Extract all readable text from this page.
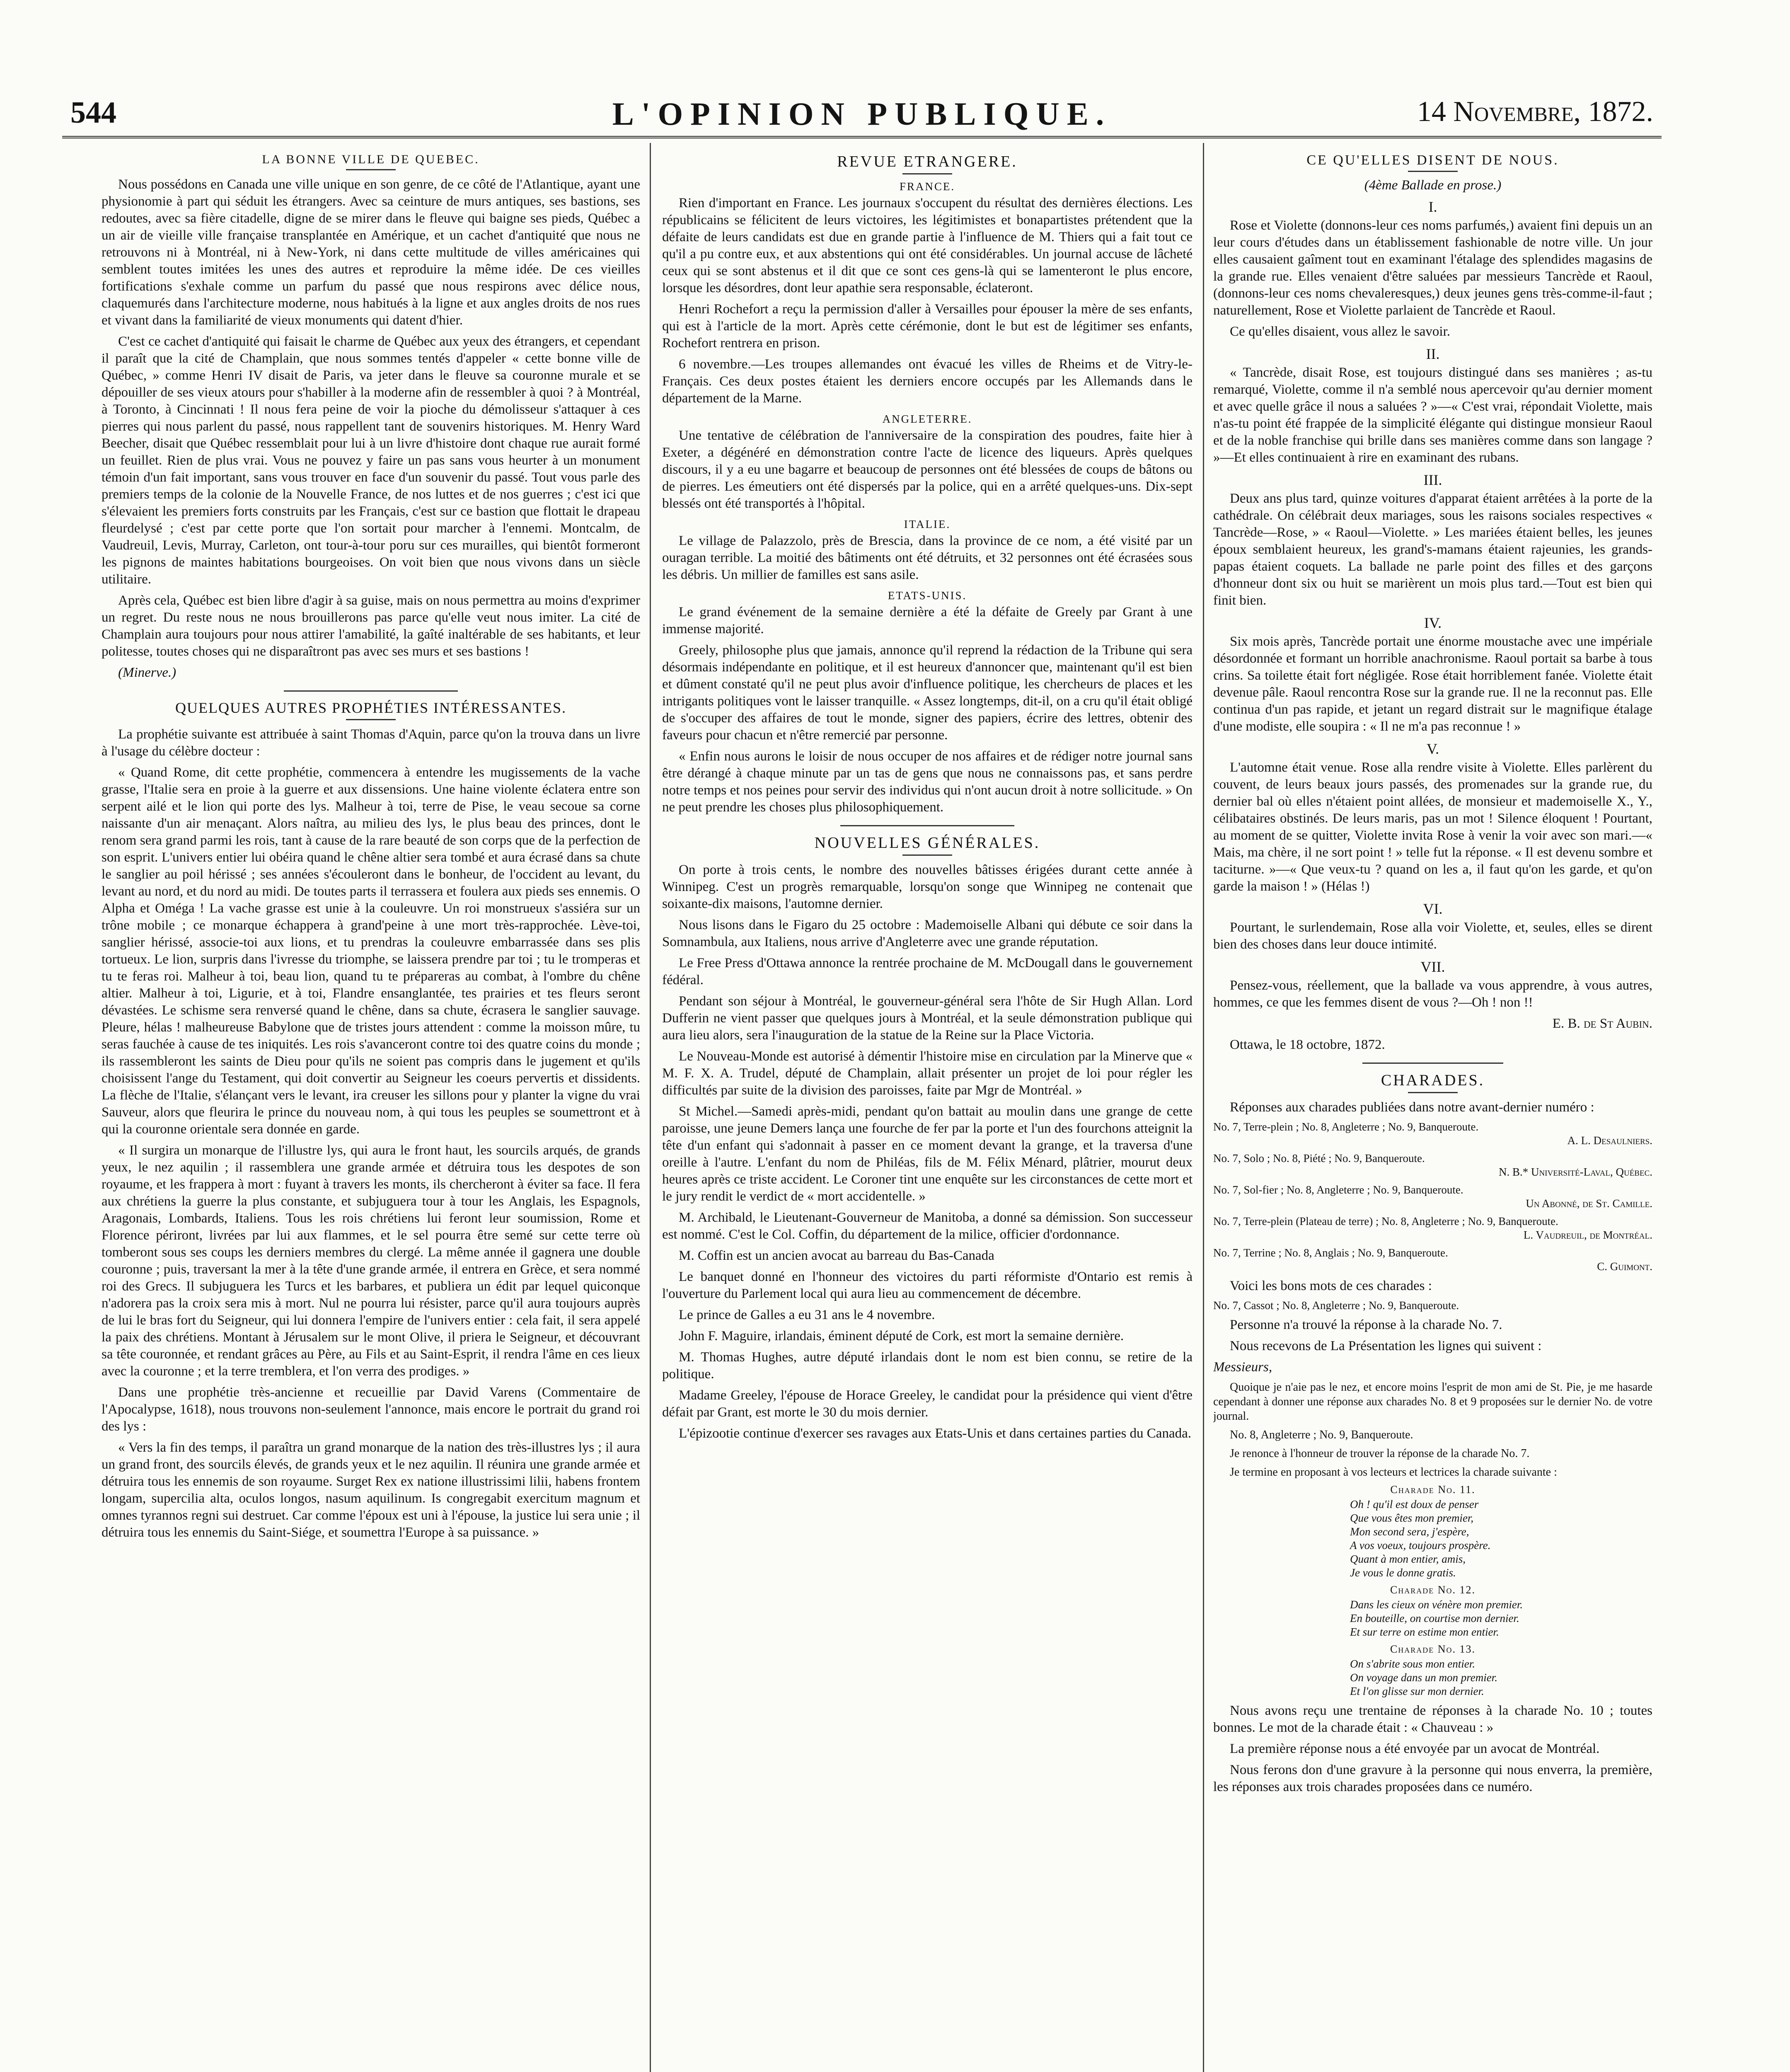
544	L'OPINION PUBLIQUE.	14 Novembre, 1872.
LA BONNE VILLE DE QUEBEC.

Nous possédons en Canada une ville unique en son genre, de ce côté de l'Atlantique, ayant une physionomie à part qui séduit les étrangers. Avec sa ceinture de murs antiques, ses bastions, ses redoutes, avec sa fière citadelle, digne de se mirer dans le fleuve qui baigne ses pieds, Québec a un air de vieille ville française transplantée en Amérique, et un cachet d'antiquité que nous ne retrouvons ni à Montréal, ni à New-York, ni dans cette multitude de villes américaines qui semblent toutes imitées les unes des autres et reproduire la même idée. De ces vieilles fortifications s'exhale comme un parfum du passé que nous respirons avec délice nous, claquemurés dans l'architecture moderne, nous habitués à la ligne et aux angles droits de nos rues et vivant dans la familiarité de vieux monuments qui datent d'hier.

C'est ce cachet d'antiquité qui faisait le charme de Québec aux yeux des étrangers, et cependant il paraît que la cité de Champlain, que nous sommes tentés d'appeler « cette bonne ville de Québec, » comme Henri IV disait de Paris, va jeter dans le fleuve sa couronne murale et se dépouiller de ses vieux atours pour s'habiller à la moderne afin de ressembler à quoi ? à Montréal, à Toronto, à Cincinnati ! Il nous fera peine de voir la pioche du démolisseur s'attaquer à ces pierres qui nous parlent du passé, nous rappellent tant de souvenirs historiques. M. Henry Ward Beecher, disait que Québec ressemblait pour lui à un livre d'histoire dont chaque rue aurait formé un feuillet. Rien de plus vrai. Vous ne pouvez y faire un pas sans vous heurter à un monument témoin d'un fait important, sans vous trouver en face d'un souvenir du passé. Tout vous parle des premiers temps de la colonie de la Nouvelle France, de nos luttes et de nos guerres ; c'est ici que s'élevaient les premiers forts construits par les Français, c'est sur ce bastion que flottait le drapeau fleurdelysé ; c'est par cette porte que l'on sortait pour marcher à l'ennemi. Montcalm, de Vaudreuil, Levis, Murray, Carleton, ont tour-à-tour poru sur ces murailles, qui bientôt formeront les pignons de maintes habitations bourgeoises. On voit bien que nous vivons dans un siècle utilitaire.

Après cela, Québec est bien libre d'agir à sa guise, mais on nous permettra au moins d'exprimer un regret. Du reste nous ne nous brouillerons pas parce qu'elle veut nous imiter. La cité de Champlain aura toujours pour nous attirer l'amabilité, la gaîté inaltérable de ses habitants, et leur politesse, toutes choses qui ne disparaîtront pas avec ses murs et ses bastions !

(Minerve.)

QUELQUES AUTRES PROPHÉTIES INTÉRESSANTES.

La prophétie suivante est attribuée à saint Thomas d'Aquin, parce qu'on la trouva dans un livre à l'usage du célèbre docteur :

« Quand Rome, dit cette prophétie, commencera à entendre les mugissements de la vache grasse, l'Italie sera en proie à la guerre et aux dissensions. Une haine violente éclatera entre son serpent ailé et le lion qui porte des lys. Malheur à toi, terre de Pise, le veau secoue sa corne naissante d'un air menaçant. Alors naîtra, au milieu des lys, le plus beau des princes, dont le renom sera grand parmi les rois, tant à cause de la rare beauté de son corps que de la perfection de son esprit. L'univers entier lui obéira quand le chêne altier sera tombé et aura écrasé dans sa chute le sanglier au poil hérissé ; ses années s'écouleront dans le bonheur, de l'occident au levant, du levant au nord, et du nord au midi. De toutes parts il terrassera et foulera aux pieds ses ennemis. O Alpha et Oméga ! La vache grasse est unie à la couleuvre. Un roi monstrueux s'assiéra sur un trône mobile ; ce monarque échappera à grand'peine à une mort très-rapprochée. Lève-toi, sanglier hérissé, associe-toi aux lions, et tu prendras la couleuvre embarrassée dans ses plis tortueux. Le lion, surpris dans l'ivresse du triomphe, se laissera prendre par toi ; tu le tromperas et tu te feras roi. Malheur à toi, beau lion, quand tu te prépareras au combat, à l'ombre du chêne altier. Malheur à toi, Ligurie, et à toi, Flandre ensanglantée, tes prairies et tes fleurs seront dévastées. Le schisme sera renversé quand le chêne, dans sa chute, écrasera le sanglier sauvage. Pleure, hélas ! malheureuse Babylone que de tristes jours attendent : comme la moisson mûre, tu seras fauchée à cause de tes iniquités. Les rois s'avanceront contre toi des quatre coins du monde ; ils rassembleront les saints de Dieu pour qu'ils ne soient pas compris dans le jugement et qu'ils choisissent l'ange du Testament, qui doit convertir au Seigneur les coeurs pervertis et dissidents. La flèche de l'Italie, s'élançant vers le levant, ira creuser les sillons pour y planter la vigne du vrai Sauveur, alors que fleurira le prince du nouveau nom, à qui tous les peuples se soumettront et à qui la couronne orientale sera donnée en garde.

« Il surgira un monarque de l'illustre lys, qui aura le front haut, les sourcils arqués, de grands yeux, le nez aquilin ; il rassemblera une grande armée et détruira tous les despotes de son royaume, et les frappera à mort : fuyant à travers les monts, ils chercheront à éviter sa face. Il fera aux chrétiens la guerre la plus constante, et subjuguera tour à tour les Anglais, les Espagnols, Aragonais, Lombards, Italiens. Tous les rois chrétiens lui feront leur soumission, Rome et Florence périront, livrées par lui aux flammes, et le sel pourra être semé sur cette terre où tomberont sous ses coups les derniers membres du clergé. La même année il gagnera une double couronne ; puis, traversant la mer à la tête d'une grande armée, il entrera en Grèce, et sera nommé roi des Grecs. Il subjuguera les Turcs et les barbares, et publiera un édit par lequel quiconque n'adorera pas la croix sera mis à mort. Nul ne pourra lui résister, parce qu'il aura toujours auprès de lui le bras fort du Seigneur, qui lui donnera l'empire de l'univers entier : cela fait, il sera appelé la paix des chrétiens. Montant à Jérusalem sur le mont Olive, il priera le Seigneur, et découvrant sa tête couronnée, et rendant grâces au Père, au Fils et au Saint-Esprit, il rendra l'âme en ces lieux avec la couronne ; et la terre tremblera, et l'on verra des prodiges. »

Dans une prophétie très-ancienne et recueillie par David Varens (Commentaire de l'Apocalypse, 1618), nous trouvons non-seulement l'annonce, mais encore le portrait du grand roi des lys :

« Vers la fin des temps, il paraîtra un grand monarque de la nation des très-illustres lys ; il aura un grand front, des sourcils élevés, de grands yeux et le nez aquilin. Il réunira une grande armée et détruira tous les ennemis de son royaume. Surget Rex ex natione illustrissimi lilii, habens frontem longam, supercilia alta, oculos longos, nasum aquilinum. Is congregabit exercitum magnum et omnes tyrannos regni sui destruet. Car comme l'époux est uni à l'épouse, la justice lui sera unie ; il détruira tous les ennemis du Saint-Siége, et soumettra l'Europe à sa puissance. »

REVUE ETRANGERE.
FRANCE.

Rien d'important en France. Les journaux s'occupent du résultat des dernières élections. Les républicains se félicitent de leurs victoires, les légitimistes et bonapartistes prétendent que la défaite de leurs candidats est due en grande partie à l'influence de M. Thiers qui a fait tout ce qu'il a pu contre eux, et aux abstentions qui ont été considérables. Un journal accuse de lâcheté ceux qui se sont abstenus et il dit que ce sont ces gens-là qui se lamenteront le plus encore, lorsque les désordres, dont leur apathie sera responsable, éclateront.

Henri Rochefort a reçu la permission d'aller à Versailles pour épouser la mère de ses enfants, qui est à l'article de la mort. Après cette cérémonie, dont le but est de légitimer ses enfants, Rochefort rentrera en prison.

6 novembre.—Les troupes allemandes ont évacué les villes de Rheims et de Vitry-le-Français. Ces deux postes étaient les derniers encore occupés par les Allemands dans le département de la Marne.

ANGLETERRE.

Une tentative de célébration de l'anniversaire de la conspiration des poudres, faite hier à Exeter, a dégénéré en démonstration contre l'acte de licence des liqueurs. Après quelques discours, il y a eu une bagarre et beaucoup de personnes ont été blessées de coups de bâtons ou de pierres. Les émeutiers ont été dispersés par la police, qui en a arrêté quelques-uns. Dix-sept blessés ont été transportés à l'hôpital.

ITALIE.

Le village de Palazzolo, près de Brescia, dans la province de ce nom, a été visité par un ouragan terrible. La moitié des bâtiments ont été détruits, et 32 personnes ont été écrasées sous les débris. Un millier de familles est sans asile.

ETATS-UNIS.

Le grand événement de la semaine dernière a été la défaite de Greely par Grant à une immense majorité.

Greely, philosophe plus que jamais, annonce qu'il reprend la rédaction de la Tribune qui sera désormais indépendante en politique, et il est heureux d'annoncer que, maintenant qu'il est bien et dûment constaté qu'il ne peut plus avoir d'influence politique, les chercheurs de places et les intrigants politiques vont le laisser tranquille. « Assez longtemps, dit-il, on a cru qu'il était obligé de s'occuper des affaires de tout le monde, signer des papiers, écrire des lettres, obtenir des faveurs pour chacun et n'être remercié par personne.

« Enfin nous aurons le loisir de nous occuper de nos affaires et de rédiger notre journal sans être dérangé à chaque minute par un tas de gens que nous ne connaissons pas, et sans perdre notre temps et nos peines pour servir des individus qui n'ont aucun droit à notre sollicitude. » On ne peut prendre les choses plus philosophiquement.

NOUVELLES GÉNÉRALES.

On porte à trois cents, le nombre des nouvelles bâtisses érigées durant cette année à Winnipeg. C'est un progrès remarquable, lorsqu'on songe que Winnipeg ne contenait que soixante-dix maisons, l'automne dernier.

Nous lisons dans le Figaro du 25 octobre : Mademoiselle Albani qui débute ce soir dans la Somnambula, aux Italiens, nous arrive d'Angleterre avec une grande réputation.

Le Free Press d'Ottawa annonce la rentrée prochaine de M. McDougall dans le gouvernement fédéral.

Pendant son séjour à Montréal, le gouverneur-général sera l'hôte de Sir Hugh Allan. Lord Dufferin ne vient passer que quelques jours à Montréal, et la seule démonstration publique qui aura lieu alors, sera l'inauguration de la statue de la Reine sur la Place Victoria.

Le Nouveau-Monde est autorisé à démentir l'histoire mise en circulation par la Minerve que « M. F. X. A. Trudel, député de Champlain, allait présenter un projet de loi pour régler les difficultés par suite de la division des paroisses, faite par Mgr de Montréal. »

St Michel.—Samedi après-midi, pendant qu'on battait au moulin dans une grange de cette paroisse, une jeune Demers lança une fourche de fer par la porte et l'un des fourchons atteignit la tête d'un enfant qui s'adonnait à passer en ce moment devant la grange, et la traversa d'une oreille à l'autre. L'enfant du nom de Philéas, fils de M. Félix Ménard, plâtrier, mourut deux heures après ce triste accident. Le Coroner tint une enquête sur les circonstances de cette mort et le jury rendit le verdict de « mort accidentelle. »

M. Archibald, le Lieutenant-Gouverneur de Manitoba, a donné sa démission. Son successeur est nommé. C'est le Col. Coffin, du département de la milice, officier d'ordonnance.

M. Coffin est un ancien avocat au barreau du Bas-Canada

Le banquet donné en l'honneur des victoires du parti réformiste d'Ontario est remis à l'ouverture du Parlement local qui aura lieu au commencement de décembre.

Le prince de Galles a eu 31 ans le 4 novembre.

John F. Maguire, irlandais, éminent député de Cork, est mort la semaine dernière.

M. Thomas Hughes, autre député irlandais dont le nom est bien connu, se retire de la politique.

Madame Greeley, l'épouse de Horace Greeley, le candidat pour la présidence qui vient d'être défait par Grant, est morte le 30 du mois dernier.

L'épizootie continue d'exercer ses ravages aux Etats-Unis et dans certaines parties du Canada.

CE QU'ELLES DISENT DE NOUS.
(4ème Ballade en prose.)
I.

Rose et Violette (donnons-leur ces noms parfumés,) avaient fini depuis un an leur cours d'études dans un établissement fashionable de notre ville. Un jour elles causaient gaîment tout en examinant l'étalage des splendides magasins de la grande rue. Elles venaient d'être saluées par messieurs Tancrède et Raoul, (donnons-leur ces noms chevaleresques,) deux jeunes gens très-comme-il-faut ; naturellement, Rose et Violette parlaient de Tancrède et Raoul.

Ce qu'elles disaient, vous allez le savoir.

II.

« Tancrède, disait Rose, est toujours distingué dans ses manières ; as-tu remarqué, Violette, comme il n'a semblé nous apercevoir qu'au dernier moment et avec quelle grâce il nous a saluées ? »—« C'est vrai, répondait Violette, mais n'as-tu point été frappée de la simplicité élégante qui distingue monsieur Raoul et de la noble franchise qui brille dans ses manières comme dans son langage ? »—Et elles continuaient à rire en examinant des rubans.

III.

Deux ans plus tard, quinze voitures d'apparat étaient arrêtées à la porte de la cathédrale. On célébrait deux mariages, sous les raisons sociales respectives « Tancrède—Rose, » « Raoul—Violette. » Les mariées étaient belles, les jeunes époux semblaient heureux, les grand's-mamans étaient rajeunies, les grands-papas étaient coquets. La ballade ne parle point des filles et des garçons d'honneur dont six ou huit se marièrent un mois plus tard.—Tout est bien qui finit bien.

IV.

Six mois après, Tancrède portait une énorme moustache avec une impériale désordonnée et formant un horrible anachronisme. Raoul portait sa barbe à tous crins. Sa toilette était fort négligée. Rose était horriblement fanée. Violette était devenue pâle. Raoul rencontra Rose sur la grande rue. Il ne la reconnut pas. Elle continua d'un pas rapide, et jetant un regard distrait sur le magnifique étalage d'une modiste, elle soupira : « Il ne m'a pas reconnue ! »

V.

L'automne était venue. Rose alla rendre visite à Violette. Elles parlèrent du couvent, de leurs beaux jours passés, des promenades sur la grande rue, du dernier bal où elles n'étaient point allées, de monsieur et mademoiselle X., Y., célibataires obstinés. De leurs maris, pas un mot ! Silence éloquent ! Pourtant, au moment de se quitter, Violette invita Rose à venir la voir avec son mari.—« Mais, ma chère, il ne sort point ! » telle fut la réponse. « Il est devenu sombre et taciturne. »—« Que veux-tu ? quand on les a, il faut qu'on les garde, et qu'on garde la maison ! » (Hélas !)

VI.

Pourtant, le surlendemain, Rose alla voir Violette, et, seules, elles se dirent bien des choses dans leur douce intimité.

VII.

Pensez-vous, réellement, que la ballade va vous apprendre, à vous autres, hommes, ce que les femmes disent de vous ?—Oh ! non !!

E. B. de St Aubin.

Ottawa, le 18 octobre, 1872.

CHARADES.

Réponses aux charades publiées dans notre avant-dernier numéro :

No. 7, Terre-plein ; No. 8, Angleterre ; No. 9, Banqueroute.
A. L. Desaulniers.
No. 7, Solo ; No. 8, Piété ; No. 9, Banqueroute.
N. B.* Université-Laval, Québec.
No. 7, Sol-fier ; No. 8, Angleterre ; No. 9, Banqueroute.
Un Abonné, de St. Camille.
No. 7, Terre-plein (Plateau de terre) ; No. 8, Angleterre ; No. 9, Banqueroute.
L. Vaudreuil, de Montréal.
No. 7, Terrine ; No. 8, Anglais ; No. 9, Banqueroute.
C. Guimont.

Voici les bons mots de ces charades :

No. 7, Cassot ; No. 8, Angleterre ; No. 9, Banqueroute.

Personne n'a trouvé la réponse à la charade No. 7.

Nous recevons de La Présentation les lignes qui suivent :

Messieurs,

Quoique je n'aie pas le nez, et encore moins l'esprit de mon ami de St. Pie, je me hasarde cependant à donner une réponse aux charades No. 8 et 9 proposées sur le dernier No. de votre journal.

No. 8, Angleterre ; No. 9, Banqueroute.

Je renonce à l'honneur de trouver la réponse de la charade No. 7.

Je termine en proposant à vos lecteurs et lectrices la charade suivante :

Charade No. 11.
Oh ! qu'il est doux de penser
Que vous êtes mon premier,
Mon second sera, j'espère,
A vos voeux, toujours prospère.
Quant à mon entier, amis,
Je vous le donne gratis.
Charade No. 12.
Dans les cieux on vénère mon premier.
En bouteille, on courtise mon dernier.
Et sur terre on estime mon entier.
Charade No. 13.
On s'abrite sous mon entier.
On voyage dans un mon premier.
Et l'on glisse sur mon dernier.

Nous avons reçu une trentaine de réponses à la charade No. 10 ; toutes bonnes. Le mot de la charade était : « Chauveau : »

La première réponse nous a été envoyée par un avocat de Montréal.

Nous ferons don d'une gravure à la personne qui nous enverra, la première, les réponses aux trois charades proposées dans ce numéro.
